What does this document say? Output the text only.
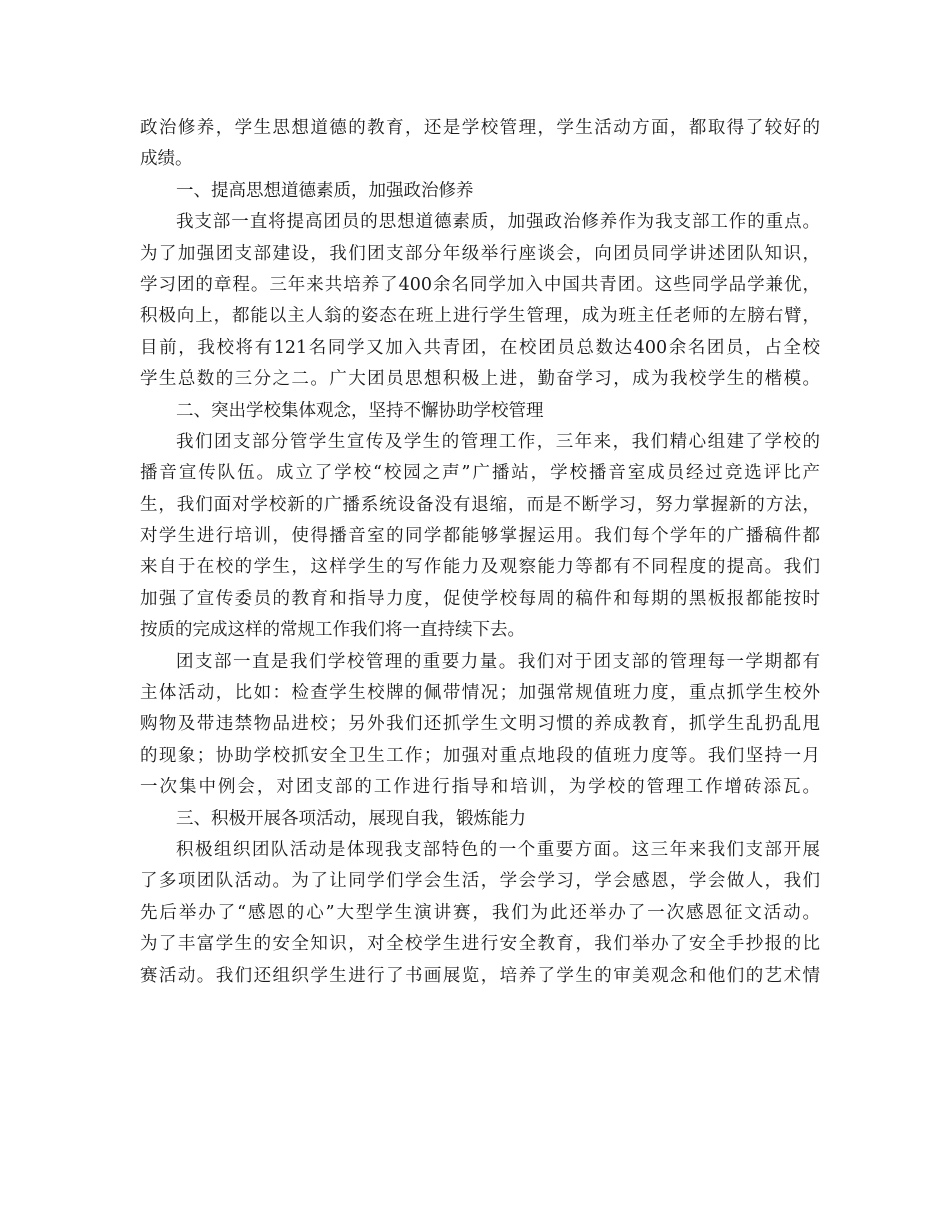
政治修养，学生思想道德的教育，还是学校管理，学生活动方面，都取得了较好的
成绩。
一、提高思想道德素质，加强政治修养
我支部一直将提高团员的思想道德素质，加强政治修养作为我支部工作的重点。
为了加强团支部建设，我们团支部分年级举行座谈会，向团员同学讲述团队知识，
学习团的章程。三年来共培养了400余名同学加入中国共青团。这些同学品学兼优，
积极向上，都能以主人翁的姿态在班上进行学生管理，成为班主任老师的左膀右臂，
目前，我校将有121名同学又加入共青团，在校团员总数达400余名团员，占全校
学生总数的三分之二。广大团员思想积极上进，勤奋学习，成为我校学生的楷模。
二、突出学校集体观念，坚持不懈协助学校管理
我们团支部分管学生宣传及学生的管理工作，三年来，我们精心组建了学校的
播音宣传队伍。成立了学校“校园之声”广播站，学校播音室成员经过竞选评比产
生，我们面对学校新的广播系统设备没有退缩，而是不断学习，努力掌握新的方法，
对学生进行培训，使得播音室的同学都能够掌握运用。我们每个学年的广播稿件都
来自于在校的学生，这样学生的写作能力及观察能力等都有不同程度的提高。我们
加强了宣传委员的教育和指导力度，促使学校每周的稿件和每期的黑板报都能按时
按质的完成这样的常规工作我们将一直持续下去。
团支部一直是我们学校管理的重要力量。我们对于团支部的管理每一学期都有
主体活动，比如：检查学生校牌的佩带情况；加强常规值班力度，重点抓学生校外
购物及带违禁物品进校；另外我们还抓学生文明习惯的养成教育，抓学生乱扔乱甩
的现象；协助学校抓安全卫生工作；加强对重点地段的值班力度等。我们坚持一月
一次集中例会，对团支部的工作进行指导和培训，为学校的管理工作增砖添瓦。
三、积极开展各项活动，展现自我，锻炼能力
积极组织团队活动是体现我支部特色的一个重要方面。这三年来我们支部开展
了多项团队活动。为了让同学们学会生活，学会学习，学会感恩，学会做人，我们
先后举办了“感恩的心”大型学生演讲赛，我们为此还举办了一次感恩征文活动。
为了丰富学生的安全知识，对全校学生进行安全教育，我们举办了安全手抄报的比
赛活动。我们还组织学生进行了书画展览，培养了学生的审美观念和他们的艺术情
